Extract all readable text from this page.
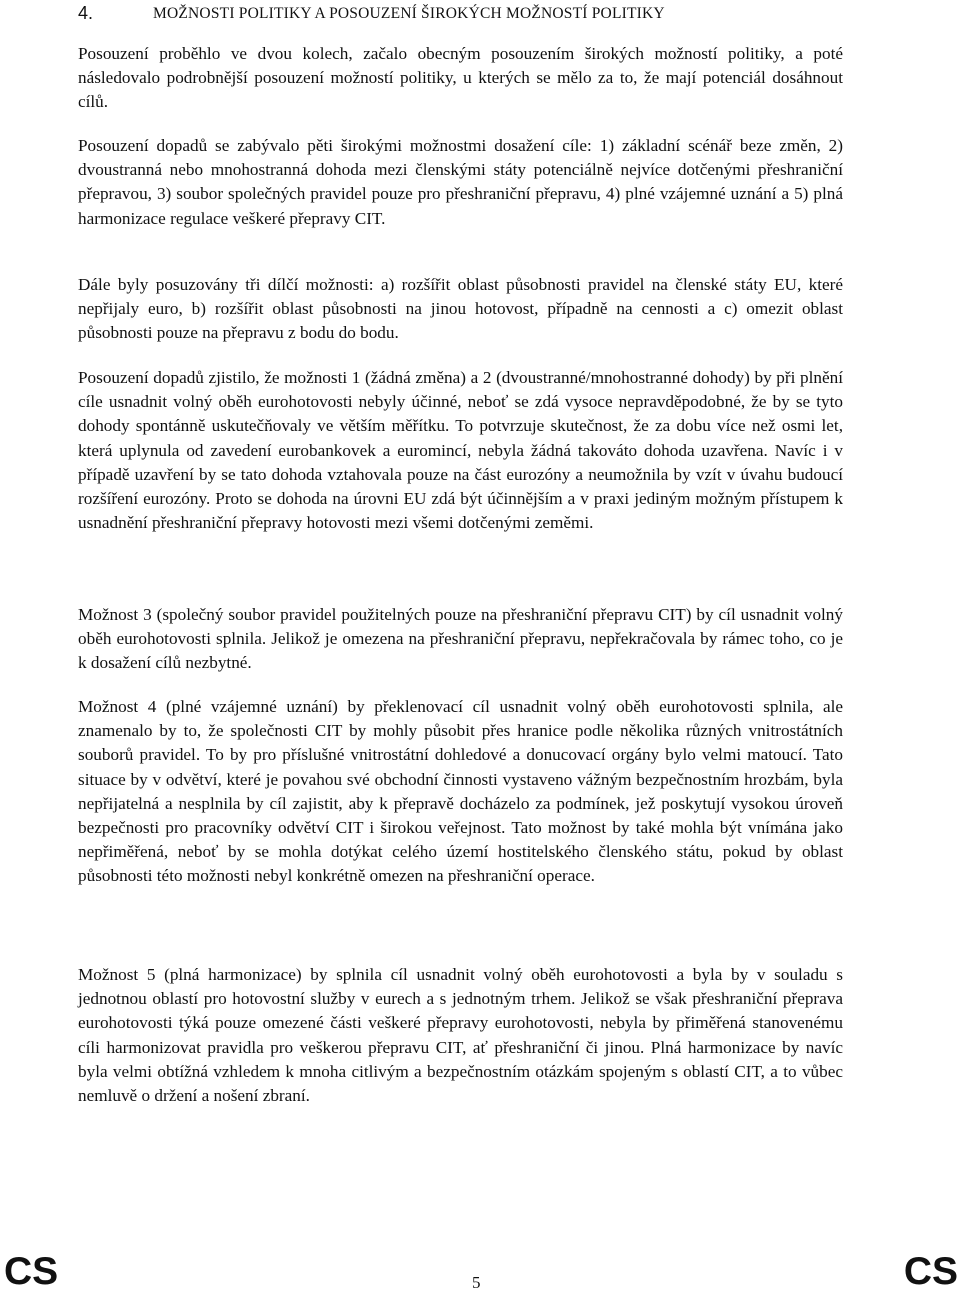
4.	MOŽNOSTI POLITIKY A POSOUZENÍ ŠIROKÝCH MOŽNOSTÍ POLITIKY

Posouzení proběhlo ve dvou kolech, začalo obecným posouzením širokých možností politiky, a poté následovalo podrobnější posouzení možností politiky, u kterých se mělo za to, že mají potenciál dosáhnout cílů.

Posouzení dopadů se zabývalo pěti širokými možnostmi dosažení cíle: 1) základní scénář beze změn, 2) dvoustranná nebo mnohostranná dohoda mezi členskými státy potenciálně nejvíce dotčenými přeshraniční přepravou, 3) soubor společných pravidel pouze pro přeshraniční přepravu, 4) plné vzájemné uznání a 5) plná harmonizace regulace veškeré přepravy CIT.

Dále byly posuzovány tři dílčí možnosti: a) rozšířit oblast působnosti pravidel na členské státy EU, které nepřijaly euro, b) rozšířit oblast působnosti na jinou hotovost, případně na cennosti a c) omezit oblast působnosti pouze na přepravu z bodu do bodu.

Posouzení dopadů zjistilo, že možnosti 1 (žádná změna) a 2 (dvoustranné/mnohostranné dohody) by při plnění cíle usnadnit volný oběh eurohotovosti nebyly účinné, neboť se zdá vysoce nepravděpodobné, že by se tyto dohody spontánně uskutečňovaly ve větším měřítku. To potvrzuje skutečnost, že za dobu více než osmi let, která uplynula od zavedení eurobankovek a euromincí, nebyla žádná takováto dohoda uzavřena. Navíc i v případě uzavření by se tato dohoda vztahovala pouze na část eurozóny a neumožnila by vzít v úvahu budoucí rozšíření eurozóny. Proto se dohoda na úrovni EU zdá být účinnějším a v praxi jediným možným přístupem k usnadnění přeshraniční přepravy hotovosti mezi všemi dotčenými zeměmi.

Možnost 3 (společný soubor pravidel použitelných pouze na přeshraniční přepravu CIT) by cíl usnadnit volný oběh eurohotovosti splnila. Jelikož je omezena na přeshraniční přepravu, nepřekračovala by rámec toho, co je k dosažení cílů nezbytné.

Možnost 4 (plné vzájemné uznání) by překlenovací cíl usnadnit volný oběh eurohotovosti splnila, ale znamenalo by to, že společnosti CIT by mohly působit přes hranice podle několika různých vnitrostátních souborů pravidel. To by pro příslušné vnitrostátní dohledové a donucovací orgány bylo velmi matoucí. Tato situace by v odvětví, které je povahou své obchodní činnosti vystaveno vážným bezpečnostním hrozbám, byla nepřijatelná a nesplnila by cíl zajistit, aby k přepravě docházelo za podmínek, jež poskytují vysokou úroveň bezpečnosti pro pracovníky odvětví CIT i širokou veřejnost. Tato možnost by také mohla být vnímána jako nepřiměřená, neboť by se mohla dotýkat celého území hostitelského členského státu, pokud by oblast působnosti této možnosti nebyl konkrétně omezen na přeshraniční operace.

Možnost 5 (plná harmonizace) by splnila cíl usnadnit volný oběh eurohotovosti a byla by v souladu s jednotnou oblastí pro hotovostní služby v eurech a s jednotným trhem. Jelikož se však přeshraniční přeprava eurohotovosti týká pouze omezené části veškeré přepravy eurohotovosti, nebyla by přiměřená stanovenému cíli harmonizovat pravidla pro veškerou přepravu CIT, ať přeshraniční či jinou. Plná harmonizace by navíc byla velmi obtížná vzhledem k mnoha citlivým a bezpečnostním otázkám spojeným s oblastí CIT, a to vůbec nemluvě o držení a nošení zbraní.

CS	5	CS
